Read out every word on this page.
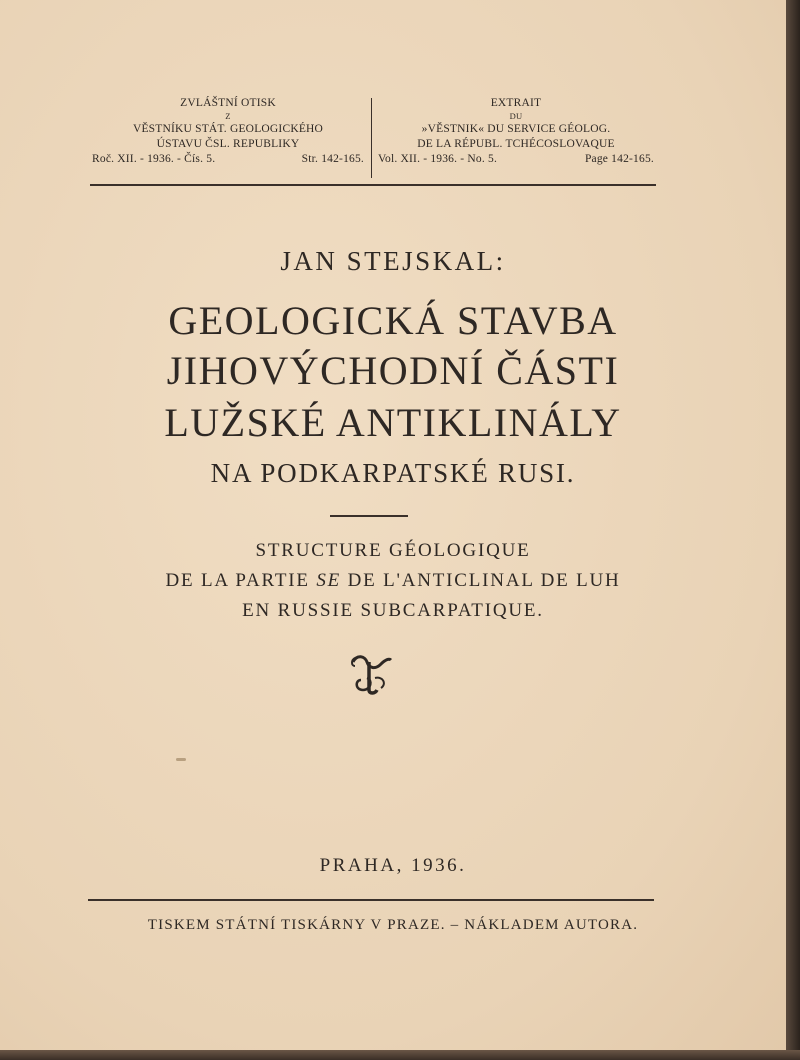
ZVLÁŠTNÍ OTISK
Z
VĚSTNÍKU STÁT. GEOLOGICKÉHO
ÚSTAVU ČSL. REPUBLIKY
Roč. XII. - 1936. - Čís. 5.	Str. 142-165.
EXTRAIT
DU
»VĚSTNIK« DU SERVICE GÉOLOG.
DE LA RÉPUBL. TCHÉCOSLOVAQUE
Vol. XII. - 1936. - No. 5.	Page 142-165.
JAN STEJSKAL:
GEOLOGICKÁ STAVBA
JIHOVÝCHODNÍ ČÁSTI
LUŽSKÉ ANTIKLINÁLY
NA PODKARPATSKÉ RUSI.
STRUCTURE GÉOLOGIQUE
DE LA PARTIE SE DE L'ANTICLINAL DE LUH
EN RUSSIE SUBCARPATIQUE.
PRAHA, 1936.
TISKEM STÁTNÍ TISKÁRNY V PRAZE. – NÁKLADEM AUTORA.
